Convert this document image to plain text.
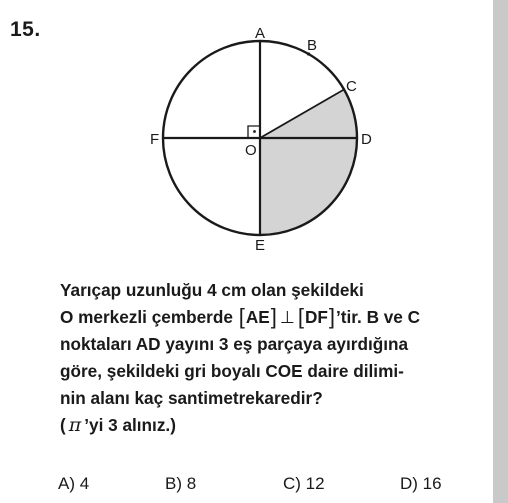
15.	A
B
C
D
E
F
O
Yarıçap uzunluğu 4 cm olan şekildeki
O merkezli çemberde [AE] ⊥ [DF]’tir. B ve C
noktaları AD yayını 3 eş parçaya ayırdığına
göre, şekildeki gri boyalı COE daire dilimi-
nin alanı kaç santimetrekaredir?
( π ’yi 3 alınız.)
A) 4	B) 8	C) 12	D) 16
